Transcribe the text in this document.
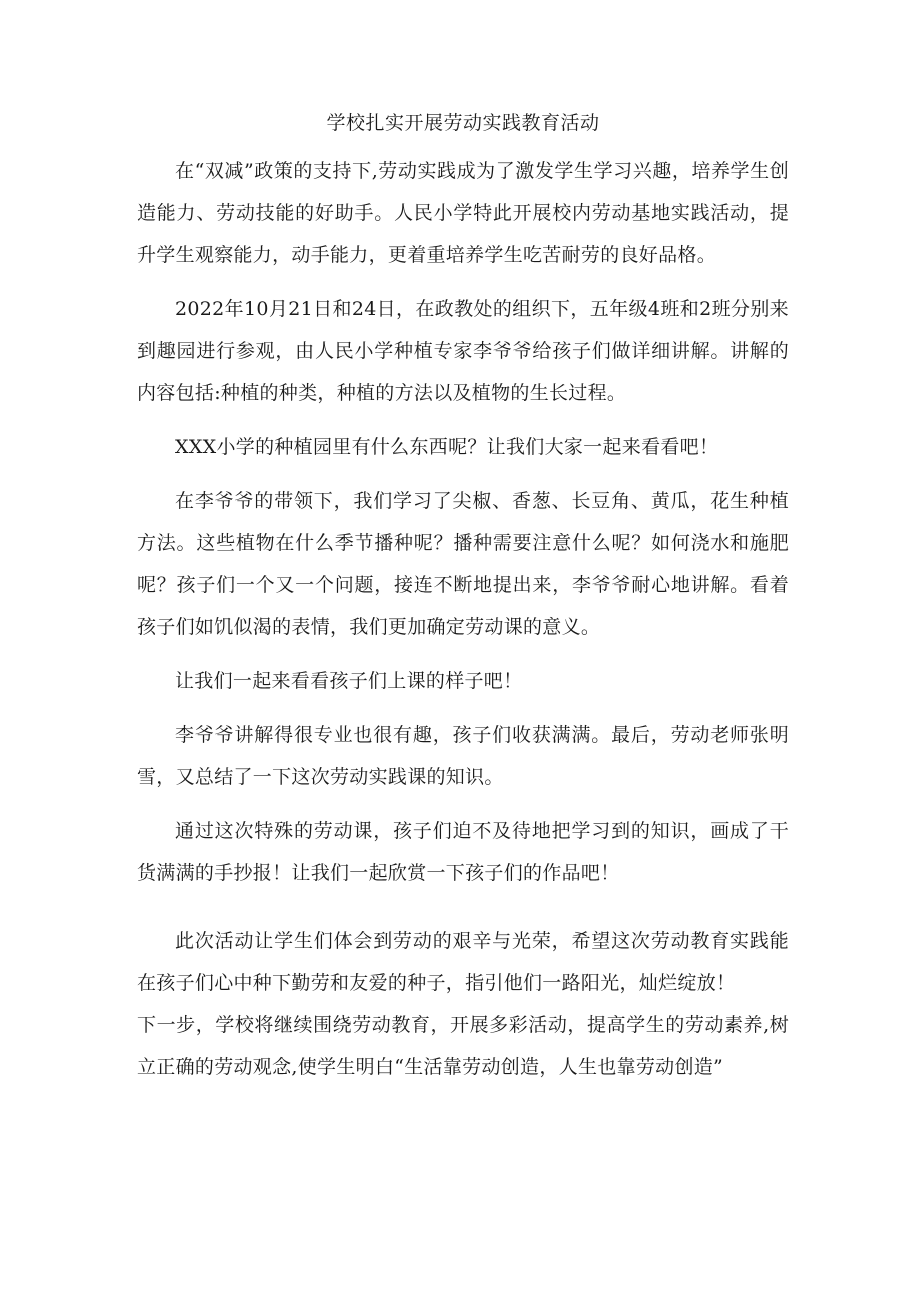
学校扎实开展劳动实践教育活动

在“双减”政策的支持下,劳动实践成为了激发学生学习兴趣，培养学生创造能力、劳动技能的好助手。人民小学特此开展校内劳动基地实践活动，提升学生观察能力，动手能力，更着重培养学生吃苦耐劳的良好品格。

2022年10月21日和24日，在政教处的组织下，五年级4班和2班分别来到趣园进行参观，由人民小学种植专家李爷爷给孩子们做详细讲解。讲解的内容包括:种植的种类，种植的方法以及植物的生长过程。

XXX小学的种植园里有什么东西呢？让我们大家一起来看看吧！

在李爷爷的带领下，我们学习了尖椒、香葱、长豆角、黄瓜，花生种植方法。这些植物在什么季节播种呢？播种需要注意什么呢？如何浇水和施肥呢？孩子们一个又一个问题，接连不断地提出来，李爷爷耐心地讲解。看着孩子们如饥似渴的表情，我们更加确定劳动课的意义。

让我们一起来看看孩子们上课的样子吧！

李爷爷讲解得很专业也很有趣，孩子们收获满满。最后，劳动老师张明雪，又总结了一下这次劳动实践课的知识。

通过这次特殊的劳动课，孩子们迫不及待地把学习到的知识，画成了干货满满的手抄报！让我们一起欣赏一下孩子们的作品吧！

此次活动让学生们体会到劳动的艰辛与光荣，希望这次劳动教育实践能在孩子们心中种下勤劳和友爱的种子，指引他们一路阳光，灿烂绽放！

下一步，学校将继续围绕劳动教育，开展多彩活动，提高学生的劳动素养,树立正确的劳动观念,使学生明白“生活靠劳动创造，人生也靠劳动创造”
